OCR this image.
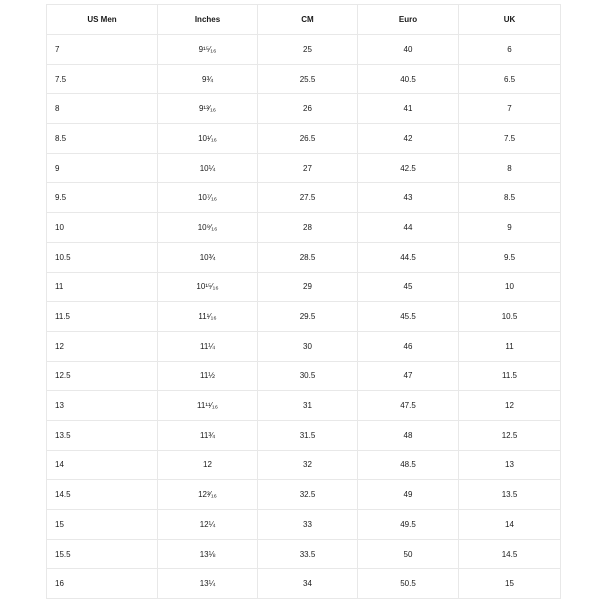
US Men	Inches	CM	Euro	UK
7	9¹⁵⁄₁₆	25	40	6
7.5	9¾	25.5	40.5	6.5
8	9¹³⁄₁₆	26	41	7
8.5	10¹⁄₁₆	26.5	42	7.5
9	10¼	27	42.5	8
9.5	10⁷⁄₁₆	27.5	43	8.5
10	10⁹⁄₁₆	28	44	9
10.5	10¾	28.5	44.5	9.5
11	10¹⁵⁄₁₆	29	45	10
11.5	11¹⁄₁₆	29.5	45.5	10.5
12	11¼	30	46	11
12.5	11½	30.5	47	11.5
13	11¹¹⁄₁₆	31	47.5	12
13.5	11¾	31.5	48	12.5
14	12	32	48.5	13
14.5	12³⁄₁₆	32.5	49	13.5
15	12¼	33	49.5	14
15.5	13⅛	33.5	50	14.5
16	13¼	34	50.5	15
